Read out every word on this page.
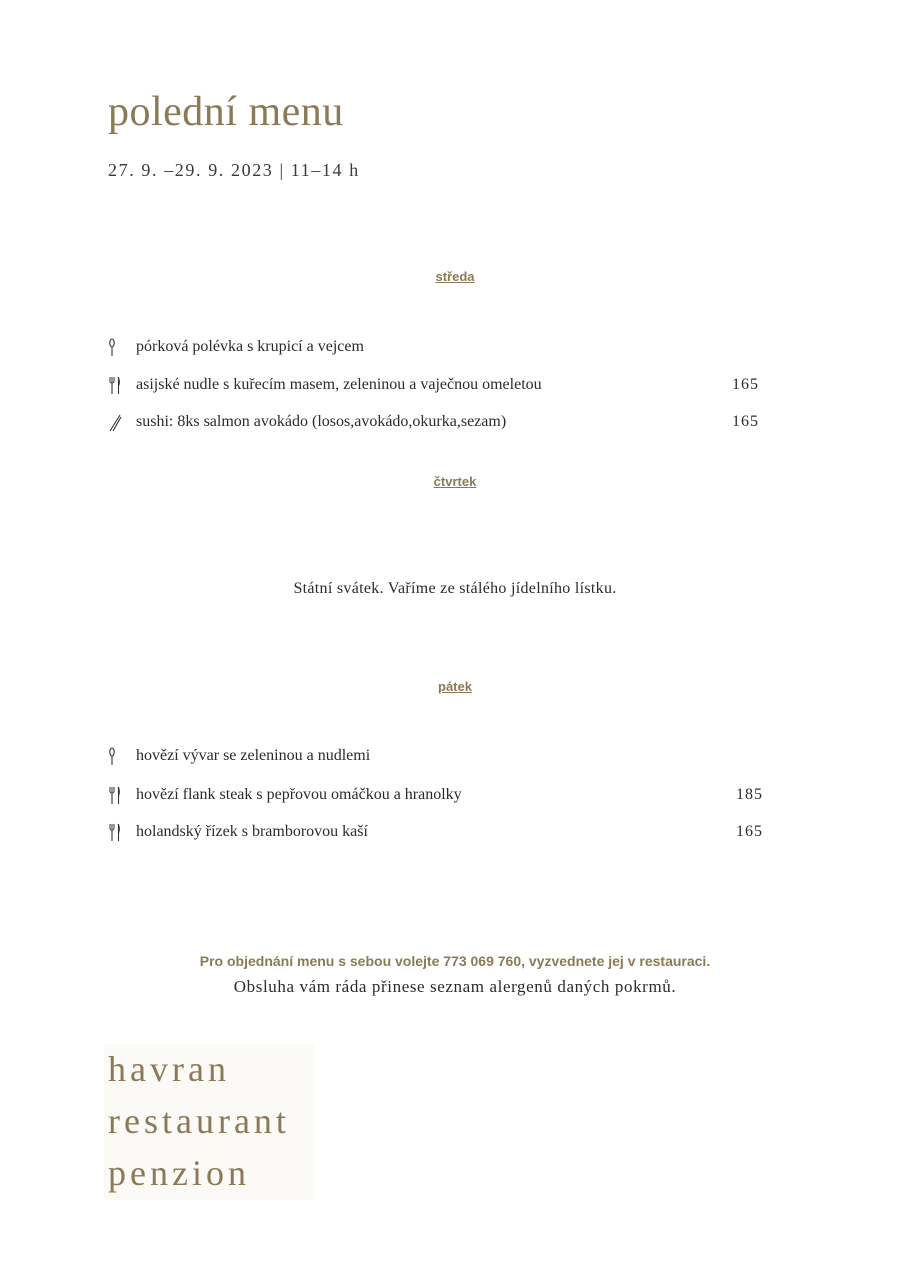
polední menu
27. 9. –29. 9. 2023 | 11–14 h
středa
pórková polévka s krupicí a vejcem
asijské nudle s kuřecím masem, zeleninou a vaječnou omeletou	165
sushi: 8ks salmon avokádo (losos,avokádo,okurka,sezam)	165
čtvrtek
Státní svátek. Vaříme ze stálého jídelního lístku.
pátek
hovězí vývar se zeleninou a nudlemi
hovězí flank steak s pepřovou omáčkou a hranolky	185
holandský řízek s bramborovou kaší	165
Pro objednání menu s sebou volejte 773 069 760, vyzvednete jej v restauraci.
Obsluha vám ráda přinese seznam alergenů daných pokrmů.
havran
restaurant
penzion
